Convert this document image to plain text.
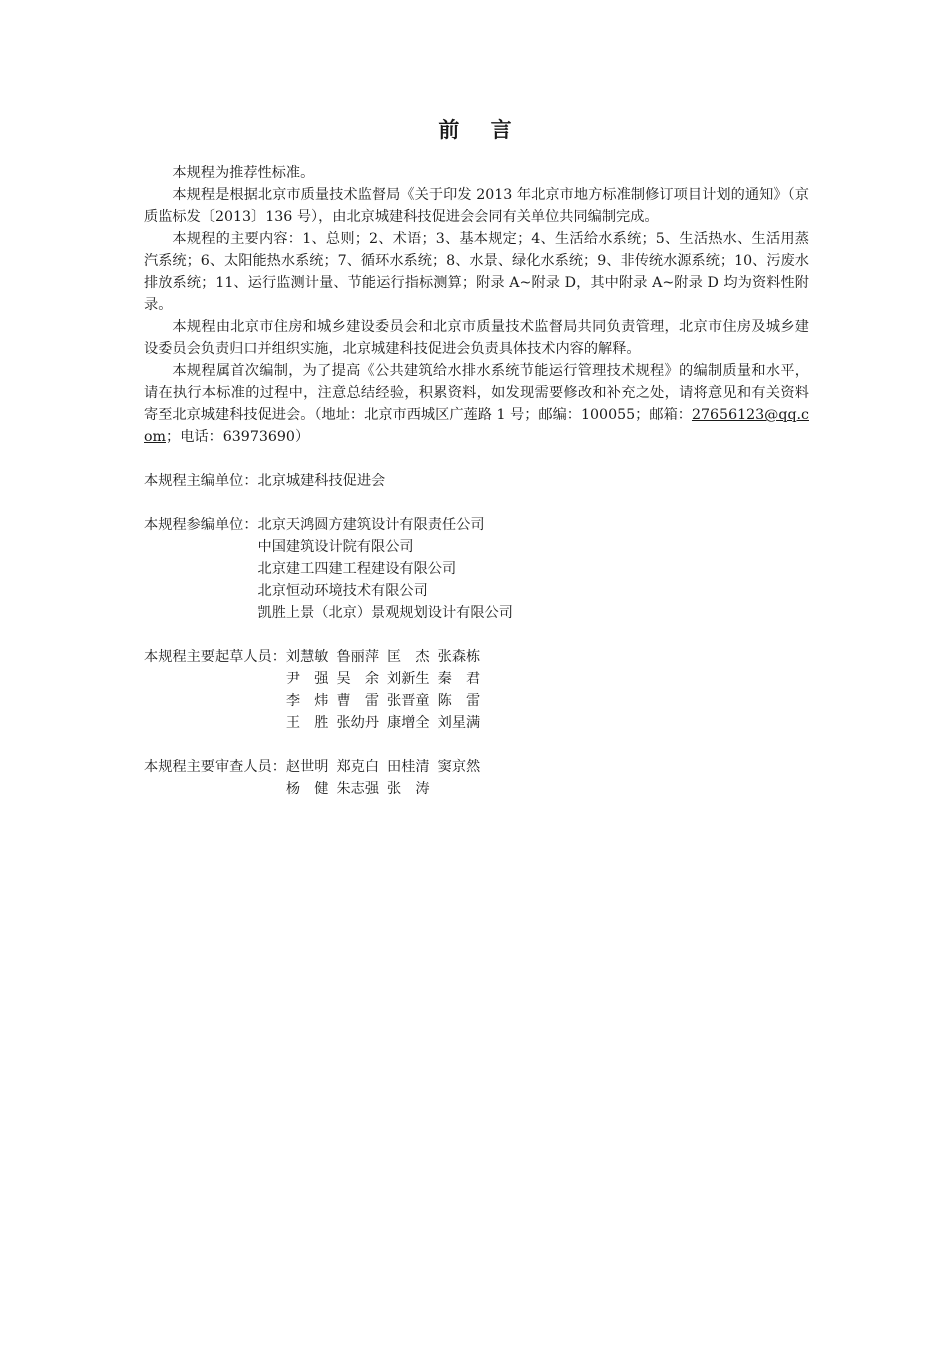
前 言

本规程为推荐性标准。

本规程是根据北京市质量技术监督局《关于印发 2013 年北京市地方标准制修订项目计划的通知》（京质监标发〔2013〕136 号），由北京城建科技促进会会同有关单位共同编制完成。

本规程的主要内容：1、总则；2、术语；3、基本规定；4、生活给水系统；5、生活热水、生活用蒸汽系统；6、太阳能热水系统；7、循环水系统；8、水景、绿化水系统；9、非传统水源系统；10、污废水排放系统；11、运行监测计量、节能运行指标测算；附录 A~附录 D，其中附录 A~附录 D 均为资料性附录。

本规程由北京市住房和城乡建设委员会和北京市质量技术监督局共同负责管理，北京市住房及城乡建设委员会负责归口并组织实施，北京城建科技促进会负责具体技术内容的解释。

本规程属首次编制，为了提高《公共建筑给水排水系统节能运行管理技术规程》的编制质量和水平，请在执行本标准的过程中，注意总结经验，积累资料，如发现需要修改和补充之处，请将意见和有关资料寄至北京城建科技促进会。（地址：北京市西城区广莲路 1 号；邮编：100055；邮箱：27656123@qq.com；电话：63973690）

本规程主编单位： 北京城建科技促进会
本规程参编单位： 北京天鸿圆方建筑设计有限责任公司
中国建筑设计院有限公司
北京建工四建工程建设有限公司
北京恒动环境技术有限公司
凯胜上景（北京）景观规划设计有限公司
本规程主要起草人员： 刘慧敏	鲁丽萍	匡　杰	张森栋
尹　强	吴　余	刘新生	秦　君
李　炜	曹　雷	张晋童	陈　雷
王　胜	张幼丹	康增全	刘星满
本规程主要审查人员： 赵世明	郑克白	田桂清	窦京然
杨　健	朱志强	张　涛	
